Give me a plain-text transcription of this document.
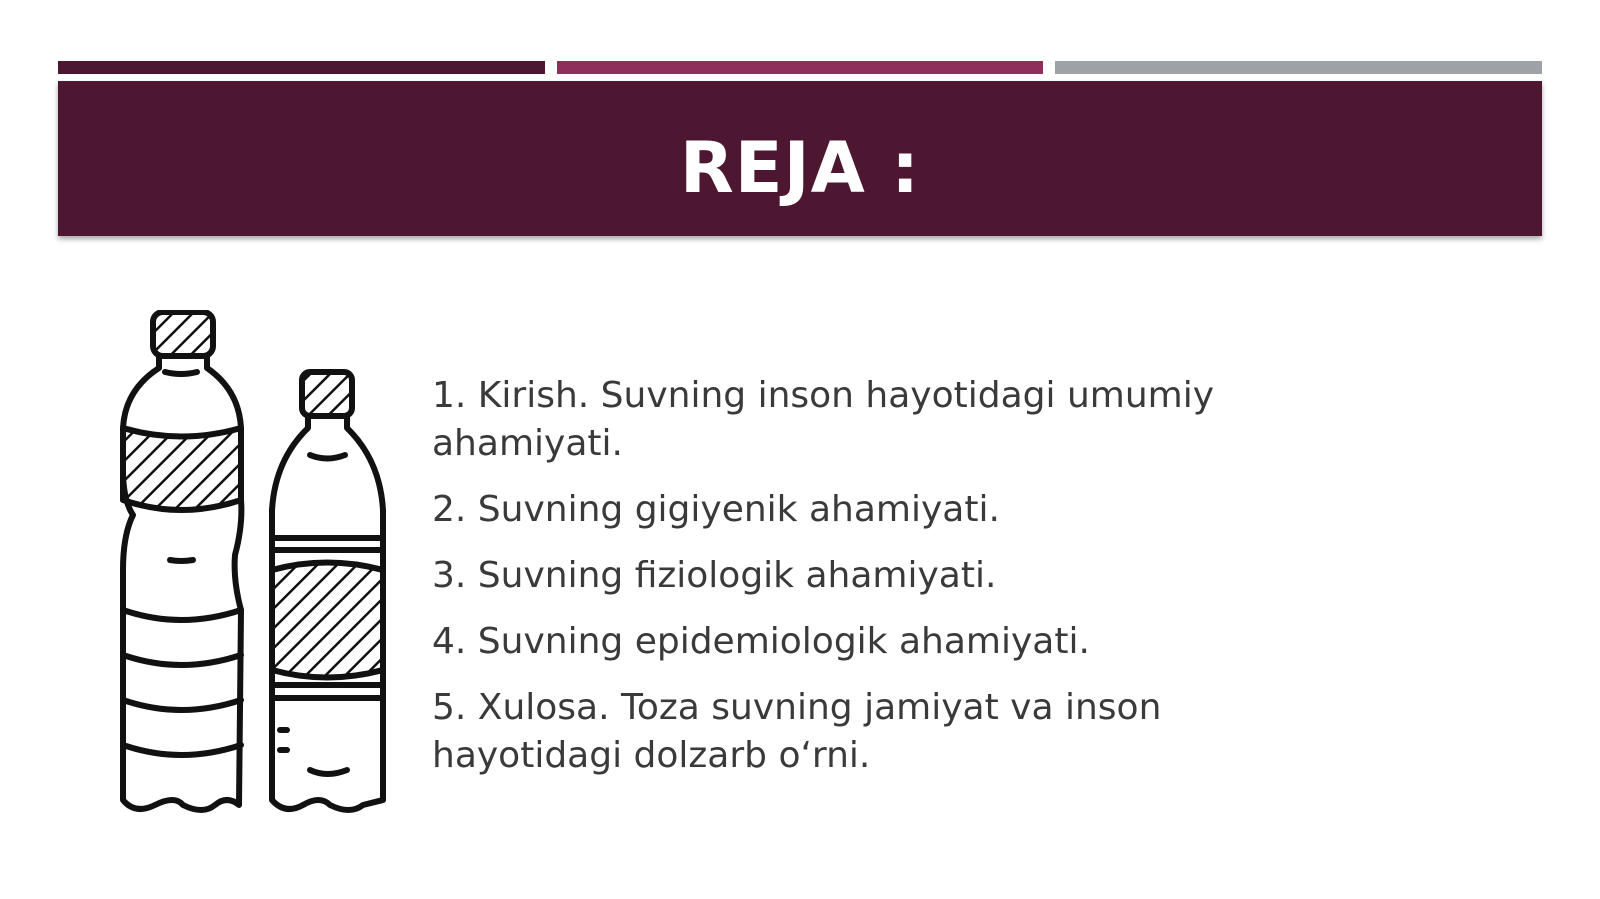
REJA :
1. Kirish. Suvning inson hayotidagi umumiy ahamiyati.
2. Suvning gigiyenik ahamiyati.
3. Suvning fiziologik ahamiyati.
4. Suvning epidemiologik ahamiyati.
5. Xulosa. Toza suvning jamiyat va inson hayotidagi dolzarb o‘rni.
